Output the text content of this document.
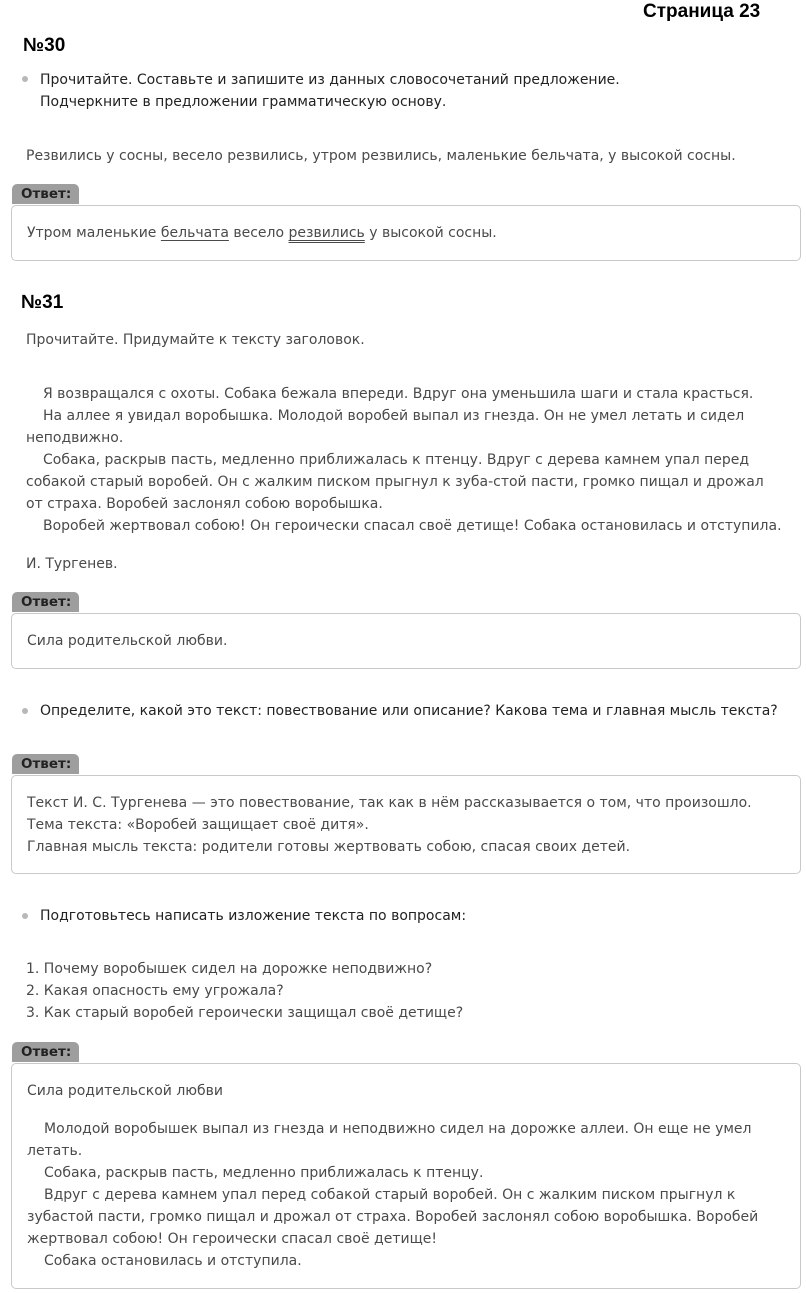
Страница 23
№30
Прочитайте. Составьте и запишите из данных словосочетаний предложение.
Подчеркните в предложении грамматическую основу.
Резвились у сосны, весело резвились, утром резвились, маленькие бельчата, у высокой сосны.
Ответ:
Утром маленькие бельчата весело резвились у высокой сосны.
№31
Прочитайте. Придумайте к тексту заголовок.

Я возвращался с охоты. Собака бежала впереди. Вдруг она уменьшила шаги и стала красться.

На аллее я увидал воробышка. Молодой воробей выпал из гнезда. Он не умел летать и сидел

неподвижно.

Собака, раскрыв пасть, медленно приближалась к птенцу. Вдруг с дерева камнем упал перед

собакой старый воробей. Он с жалким писком прыгнул к зуба-стой пасти, громко пищал и дрожал

от страха. Воробей заслонял собою воробышка.

Воробей жертвовал собою! Он героически спасал своё детище! Собака остановилась и отступила.

И. Тургенев.
Ответ:
Сила родительской любви.
Определите, какой это текст: повествование или описание? Какова тема и главная мысль текста?
Ответ:

Текст И. С. Тургенева — это повествование, так как в нём рассказывается о том, что произошло.

Тема текста: «Воробей защищает своё дитя».

Главная мысль текста: родители готовы жертвовать собою, спасая своих детей.

Подготовьтесь написать изложение текста по вопросам:

1. Почему воробышек сидел на дорожке неподвижно?

2. Какая опасность ему угрожала?

3. Как старый воробей героически защищал своё детище?

Ответ:
Сила родительской любви

Молодой воробышек выпал из гнезда и неподвижно сидел на дорожке аллеи. Он еще не умел

летать.

Собака, раскрыв пасть, медленно приближалась к птенцу.

Вдруг с дерева камнем упал перед собакой старый воробей. Он с жалким писком прыгнул к

зубастой пасти, громко пищал и дрожал от страха. Воробей заслонял собою воробышка. Воробей

жертвовал собою! Он героически спасал своё детище!

Собака остановилась и отступила.
